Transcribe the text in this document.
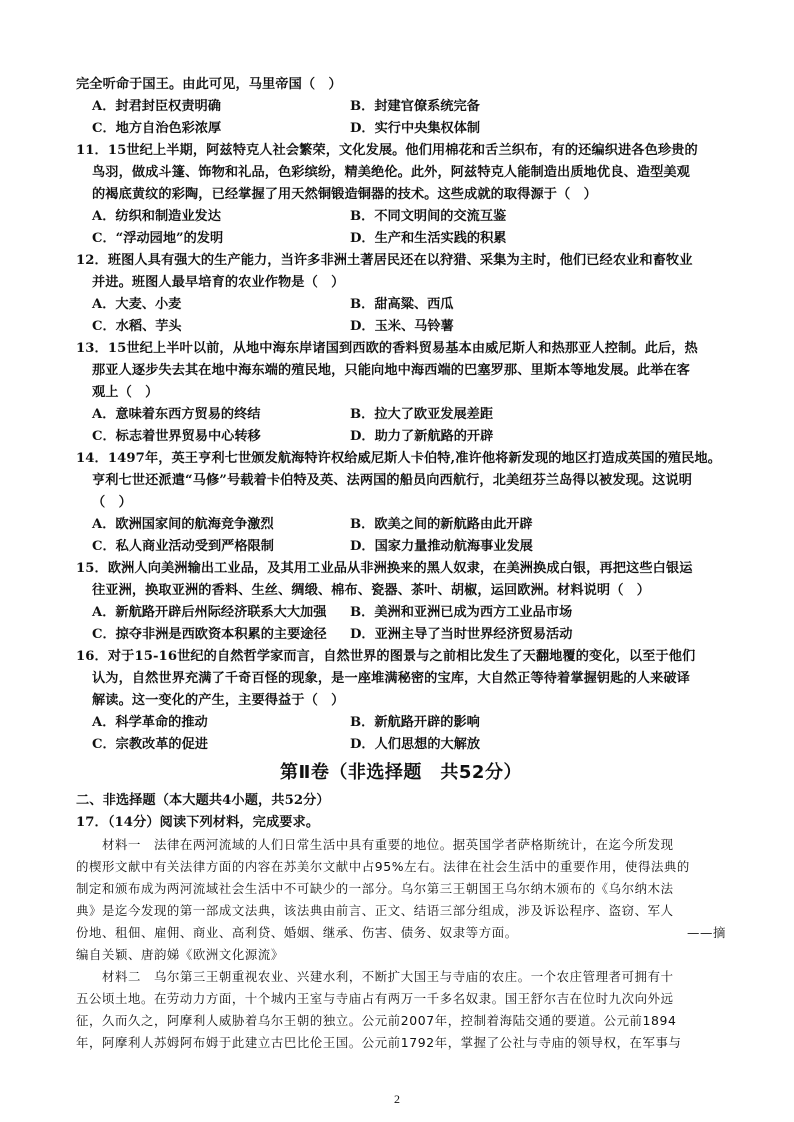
完全听命于国王。由此可见，马里帝国（　）
A．封君封臣权责明确	B．封建官僚系统完备
C．地方自治色彩浓厚	D．实行中央集权体制
11．15世纪上半期，阿兹特克人社会繁荣，文化发展。他们用棉花和舌兰织布，有的还编织进各色珍贵的
鸟羽，做成斗篷、饰物和礼品，色彩缤纷，精美绝伦。此外，阿兹特克人能制造出质地优良、造型美观
的褐底黄纹的彩陶，已经掌握了用天然铜锻造铜器的技术。这些成就的取得源于（　）
A．纺织和制造业发达	B．不同文明间的交流互鉴
C．“浮动园地”的发明	D．生产和生活实践的积累
12．班图人具有强大的生产能力，当许多非洲土著居民还在以狩猎、采集为主时，他们已经农业和畜牧业
并进。班图人最早培育的农业作物是（　）
A．大麦、小麦	B．甜高粱、西瓜
C．水稻、芋头	D．玉米、马铃薯
13．15世纪上半叶以前，从地中海东岸诸国到西欧的香料贸易基本由威尼斯人和热那亚人控制。此后，热
那亚人逐步失去其在地中海东端的殖民地，只能向地中海西端的巴塞罗那、里斯本等地发展。此举在客
观上（　）
A．意味着东西方贸易的终结	B．拉大了欧亚发展差距
C．标志着世界贸易中心转移	D．助力了新航路的开辟
14．1497年，英王亨利七世颁发航海特许权给威尼斯人卡伯特,准许他将新发现的地区打造成英国的殖民地。
亨利七世还派遣“马修”号载着卡伯特及英、法两国的船员向西航行，北美纽芬兰岛得以被发现。这说明
（　）
A．欧洲国家间的航海竞争激烈	B．欧美之间的新航路由此开辟
C．私人商业活动受到严格限制	D．国家力量推动航海事业发展
15．欧洲人向美洲输出工业品，及其用工业品从非洲换来的黑人奴隶，在美洲换成白银，再把这些白银运
往亚洲，换取亚洲的香料、生丝、绸缎、棉布、瓷器、茶叶、胡椒，运回欧洲。材料说明（　）
A．新航路开辟后州际经济联系大大加强	B．美洲和亚洲已成为西方工业品市场
C．掠夺非洲是西欧资本积累的主要途径	D．亚洲主导了当时世界经济贸易活动
16．对于15-16世纪的自然哲学家而言，自然世界的图景与之前相比发生了天翻地覆的变化，以至于他们
认为，自然世界充满了千奇百怪的现象，是一座堆满秘密的宝库，大自然正等待着掌握钥匙的人来破译
解读。这一变化的产生，主要得益于（　）
A．科学革命的推动	B．新航路开辟的影响
C．宗教改革的促进	D．人们思想的大解放
第Ⅱ卷（非选择题　共52分）
二、非选择题（本大题共4小题，共52分）
17．（14分）阅读下列材料，完成要求。
材料一　法律在两河流域的人们日常生活中具有重要的地位。据英国学者萨格斯统计，在迄今所发现
的楔形文献中有关法律方面的内容在苏美尔文献中占95%左右。法律在社会生活中的重要作用，使得法典的
制定和颁布成为两河流域社会生活中不可缺少的一部分。乌尔第三王朝国王乌尔纳木颁布的《乌尔纳木法
典》是迄今发现的第一部成文法典，该法典由前言、正文、结语三部分组成，涉及诉讼程序、盗窃、军人
份地、租佃、雇佣、商业、高利贷、婚姻、继承、伤害、债务、奴隶等方面。	——摘
编自关颖、唐韵娣《欧洲文化源流》
材料二　乌尔第三王朝重视农业、兴建水利，不断扩大国王与寺庙的农庄。一个农庄管理者可拥有十
五公顷土地。在劳动力方面，十个城内王室与寺庙占有两万一千多名奴隶。国王舒尔吉在位时九次向外远
征，久而久之，阿摩利人威胁着乌尔王朝的独立。公元前2007年，控制着海陆交通的要道。公元前1894
年，阿摩利人苏姆阿布姆于此建立古巴比伦王国。公元前1792年，掌握了公社与寺庙的领导权，在军事与
2
